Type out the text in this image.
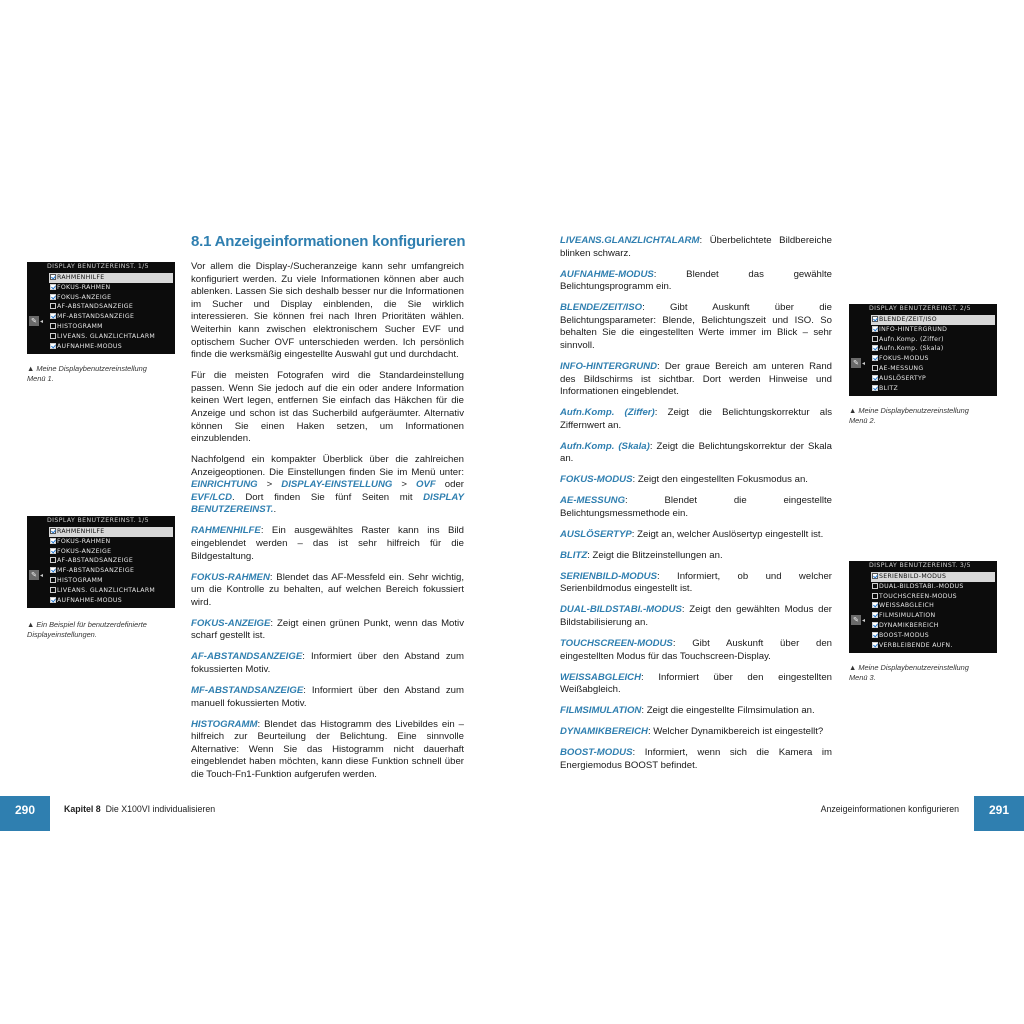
DISPLAY BENUTZEREINST. 1/5
✎ ◂
RAHMENHILFE
FOKUS-RAHMEN
FOKUS-ANZEIGE
AF-ABSTANDSANZEIGE
MF-ABSTANDSANZEIGE
HISTOGRAMM
LIVEANS. GLANZLICHTALARM
AUFNAHME-MODUS
DISPLAY BENUTZEREINST. 1/5
✎ ◂
RAHMENHILFE
FOKUS-RAHMEN
FOKUS-ANZEIGE
AF-ABSTANDSANZEIGE
MF-ABSTANDSANZEIGE
HISTOGRAMM
LIVEANS. GLANZLICHTALARM
AUFNAHME-MODUS
DISPLAY BENUTZEREINST. 2/5
✎ ◂
BLENDE/ZEIT/ISO
INFO-HINTERGRUND
Aufn.Komp. (Ziffer)
Aufn.Komp. (Skala)
FOKUS-MODUS
AE-MESSUNG
AUSLÖSERTYP
BLITZ
DISPLAY BENUTZEREINST. 3/5
✎ ◂
SERIENBILD-MODUS
DUAL-BILDSTABI.-MODUS
TOUCHSCREEN-MODUS
WEISSABGLEICH
FILMSIMULATION
DYNAMIKBEREICH
BOOST-MODUS
VERBLEIBENDE AUFN.
▲ Meine Displaybenutzereinstellung Menü 1.
▲ Ein Beispiel für benutzerdefinierte Displayeinstellungen.
▲ Meine Displaybenutzereinstellung Menü 2.
▲ Meine Displaybenutzereinstellung Menü 3.
8.1 Anzeigeinformationen konfigurieren

Vor allem die Display-/Sucheranzeige kann sehr umfangreich konfiguriert werden. Zu viele Informationen können aber auch ablenken. Lassen Sie sich deshalb besser nur die Informationen im Sucher und Display einblenden, die Sie wirklich interessieren. Sie können frei nach Ihren Prioritäten wählen. Weiterhin kann zwischen elektronischem Sucher EVF und optischem Sucher OVF unterschieden werden. Ich persönlich finde die werksmäßig eingestellte Auswahl gut und durchdacht.

Für die meisten Fotografen wird die Standardeinstellung passen. Wenn Sie jedoch auf die ein oder andere Information keinen Wert legen, entfernen Sie einfach das Häkchen für die Anzeige und schon ist das Sucherbild aufgeräumter. Alternativ können Sie einen Haken setzen, um Informationen einzublenden.

Nachfolgend ein kompakter Überblick über die zahlreichen Anzeigeoptionen. Die Einstellungen finden Sie im Menü unter: EINRICHTUNG > DISPLAY-EINSTELLUNG > OVF oder EVF/LCD. Dort finden Sie fünf Seiten mit DISPLAY BENUTZEREINST..

RAHMENHILFE: Ein ausgewähltes Raster kann ins Bild eingeblendet werden – das ist sehr hilfreich für die Bildgestaltung.

FOKUS-RAHMEN: Blendet das AF-Messfeld ein. Sehr wichtig, um die Kontrolle zu behalten, auf welchen Bereich fokussiert wird.

FOKUS-ANZEIGE: Zeigt einen grünen Punkt, wenn das Motiv scharf gestellt ist.

AF-ABSTANDSANZEIGE: Informiert über den Abstand zum fokussierten Motiv.

MF-ABSTANDSANZEIGE: Informiert über den Abstand zum manuell fokussierten Motiv.

HISTOGRAMM: Blendet das Histogramm des Livebildes ein – hilfreich zur Beurteilung der Belichtung. Eine sinnvolle Alternative: Wenn Sie das Histogramm nicht dauerhaft eingeblendet haben möchten, kann diese Funktion schnell über die Touch-Fn1-Funktion aufgerufen werden.

LIVEANS.GLANZLICHTALARM: Überbelichtete Bildbereiche blinken schwarz.

AUFNAHME-MODUS: Blendet das gewählte Belichtungsprogramm ein.

BLENDE/ZEIT/ISO: Gibt Auskunft über die Belichtungsparameter: Blende, Belichtungszeit und ISO. So behalten Sie die eingestellten Werte immer im Blick – sehr sinnvoll.

INFO-HINTERGRUND: Der graue Bereich am unteren Rand des Bildschirms ist sichtbar. Dort werden Hinweise und Informationen eingeblendet.

Aufn.Komp. (Ziffer): Zeigt die Belichtungskorrektur als Ziffernwert an.

Aufn.Komp. (Skala): Zeigt die Belichtungskorrektur der Skala an.

FOKUS-MODUS: Zeigt den eingestellten Fokusmodus an.

AE-MESSUNG: Blendet die eingestellte Belichtungsmessmethode ein.

AUSLÖSERTYP: Zeigt an, welcher Auslösertyp eingestellt ist.

BLITZ: Zeigt die Blitzeinstellungen an.

SERIENBILD-MODUS: Informiert, ob und welcher Serienbildmodus eingestellt ist.

DUAL-BILDSTABI.-MODUS: Zeigt den gewählten Modus der Bildstabilisierung an.

TOUCHSCREEN-MODUS: Gibt Auskunft über den eingestellten Modus für das Touchscreen-Display.

WEISSABGLEICH: Informiert über den eingestellten Weißabgleich.

FILMSIMULATION: Zeigt die eingestellte Filmsimulation an.

DYNAMIKBEREICH: Welcher Dynamikbereich ist eingestellt?

BOOST-MODUS: Informiert, wenn sich die Kamera im Energiemodus BOOST befindet.

290	Kapitel 8 Die X100VI individualisieren	Anzeigeinformationen konfigurieren	291
